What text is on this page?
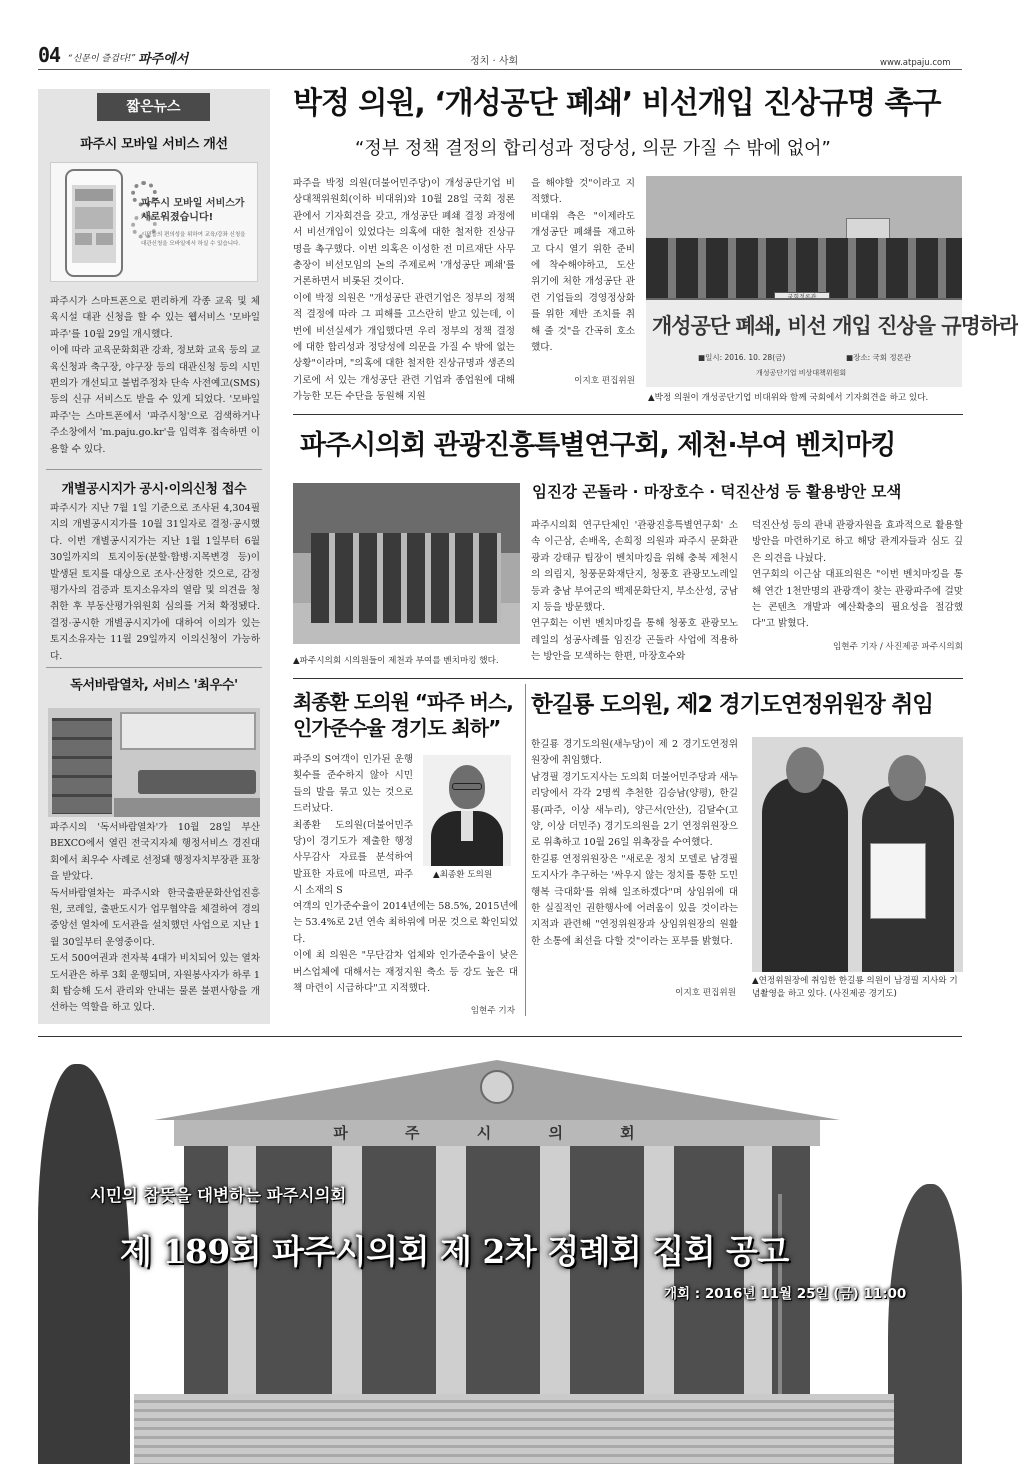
04 “신문이 즐겁다!” 파주에서	정치 · 사회	www.atpaju.com
짧은뉴스
파주시 모바일 서비스 개선
파주시 모바일 서비스가
새로워졌습니다!
시민들의 편의성을 위하여 교육/강좌 신청을
대관신청을 모바일에서 하실 수 있습니다.
파주시가 스마트폰으로 편리하게 각종 교육 및 체육시설 대관 신청을 할 수 있는 웹서비스 '모바일 파주'를 10월 29일 개시했다.
이에 따라 교육문화회관 강좌, 정보화 교육 등의 교육신청과 축구장, 야구장 등의 대관신청 등의 시민 편의가 개선되고 불법주정차 단속 사전예고(SMS) 등의 신규 서비스도 받을 수 있게 되었다. '모바일파주'는 스마트폰에서 '파주시청'으로 검색하거나 주소창에서 'm.paju.go.kr'을 입력후 접속하면 이용할 수 있다.
개별공시지가 공시·이의신청 접수
파주시가 지난 7월 1일 기준으로 조사된 4,304필지의 개별공시지가를 10월 31일자로 결정·공시했다. 이번 개별공시지가는 지난 1월 1일부터 6월 30일까지의 토지이동(분할·합병·지목변경 등)이 발생된 토지를 대상으로 조사·산정한 것으로, 감정평가사의 검증과 토지소유자의 열람 및 의견을 청취한 후 부동산평가위원회 심의를 거쳐 확정됐다. 결정·공시한 개별공시지가에 대하여 이의가 있는 토지소유자는 11월 29일까지 이의신청이 가능하다.
독서바람열차, 서비스 '최우수'
파주시의 '독서바람열차'가 10월 28일 부산 BEXCO에서 열린 전국지자체 행정서비스 경진대회에서 최우수 사례로 선정돼 행정자치부장관 표창을 받았다.
독서바람열차는 파주시와 한국출판문화산업진흥원, 코레일, 출판도시가 업무협약을 체결하여 경의중앙선 열차에 도서관을 설치했던 사업으로 지난 1월 30일부터 운영중이다.
도서 500여권과 전자북 4대가 비치되어 있는 열차도서관은 하루 3회 운행되며, 자원봉사자가 하루 1회 탑승해 도서 관리와 안내는 물론 불편사항을 개선하는 역할을 하고 있다.
박정 의원, ‘개성공단 폐쇄’ 비선개입 진상규명 촉구
“정부 정책 결정의 합리성과 정당성, 의문 가질 수 밖에 없어”
파주을 박정 의원(더불어민주당)이 개성공단기업 비상대책위원회(이하 비대위)와 10월 28일 국회 정론관에서 기자회견을 갖고, 개성공단 폐쇄 결정 과정에서 비선개입이 있었다는 의혹에 대한 철저한 진상규명을 촉구했다. 이번 의혹은 이성한 전 미르재단 사무총장이 비선모임의 논의 주제로써 '개성공단 폐쇄'를 거론하면서 비롯된 것이다.
이에 박정 의원은 "개성공단 관련기업은 정부의 정책적 결정에 따라 그 피해를 고스란히 받고 있는데, 이번에 비선실세가 개입했다면 우리 정부의 정책 결정에 대한 합리성과 정당성에 의문을 가질 수 밖에 없는 상황"이라며, "의혹에 대한 철저한 진상규명과 생존의 기로에 서 있는 개성공단 관련 기업과 종업원에 대해 가능한 모든 수단을 동원해 지원
을 해야할 것"이라고 지적했다.
비대위 측은 "이제라도 개성공단 폐쇄를 재고하고 다시 열기 위한 준비에 착수해야하고, 도산 위기에 처한 개성공단 관련 기업들의 경영정상화를 위한 제반 조치를 취해 줄 것"을 간곡히 호소했다.
이지호 편집위원
개성공단 폐쇄, 비선 개입 진상을 규명하라
■일시: 2016. 10. 28(금)	■장소: 국회 정론관
개성공단기업 비상대책위원회
▲박정 의원이 개성공단기업 비대위와 함께 국회에서 기자회견을 하고 있다.
파주시의회 관광진흥특별연구회, 제천·부여 벤치마킹
임진강 곤돌라 · 마장호수 · 덕진산성 등 활용방안 모색
▲파주시의회 시의원들이 제천과 부여를 벤치마킹 했다.
파주시의회 연구단체인 '관광진흥특별연구회' 소속 이근삼, 손배옥, 손희정 의원과 파주시 문화관광과 강태규 팀장이 벤치마킹을 위해 충북 제천시의 의림지, 청풍문화재단지, 청풍호 관광모노레일 등과 충남 부여군의 백제문화단지, 부소산성, 궁남지 등을 방문했다.
연구회는 이번 벤치마킹을 통해 청풍호 관광모노레일의 성공사례를 임진강 곤돌라 사업에 적용하는 방안을 모색하는 한편, 마장호수와
덕진산성 등의 관내 관광자원을 효과적으로 활용할 방안을 마련하기로 하고 해당 관계자들과 심도 깊은 의견을 나눴다.
연구회의 이근삼 대표의원은 "이번 벤치마킹을 통해 연간 1천만명의 관광객이 찾는 관광파주에 걸맞는 콘텐츠 개발과 예산확충의 필요성을 절감했다"고 밝혔다.
임현주 기자 / 사진제공 파주시의회
최종환 도의원 “파주 버스,
인가준수율 경기도 최하”
파주의 S여객이 인가된 운행 횟수를 준수하지 않아 시민들의 발을 묶고 있는 것으로 드러났다.
최종환 도의원(더불어민주당)이 경기도가 제출한 행정사무감사 자료를 분석하여 발표한 자료에 따르면, 파주시 소재의 S
▲최종환 도의원
여객의 인가준수율이 2014년에는 58.5%, 2015년에는 53.4%로 2년 연속 최하위에 머문 것으로 확인되었다.
이에 최 의원은 "무단감차 업체와 인가준수율이 낮은 버스업체에 대해서는 재정지원 축소 등 강도 높은 대책 마련이 시급하다"고 지적했다.
임현주 기자
한길룡 도의원, 제2 경기도연정위원장 취임
한길룡 경기도의원(새누당)이 제 2 경기도연정위원장에 취임했다.
남경필 경기도지사는 도의회 더불어민주당과 새누리당에서 각각 2명씩 추천한 김승남(양평), 한길룡(파주, 이상 새누리), 양근서(안산), 김달수(고양, 이상 더민주) 경기도의원을 2기 연정위원장으로 위촉하고 10월 26일 위촉장을 수여했다.
한길룡 연정위원장은 "새로운 정치 모델로 남경필 도지사가 추구하는 '싸우지 않는 정치를 통한 도민행복 극대화'를 위해 일조하겠다"며 상임위에 대한 실질적인 권한행사에 어려움이 있을 것이라는 지적과 관련해 "연정위원장과 상임위원장의 원활한 소통에 최선을 다할 것"이라는 포부를 밝혔다.
이지호 편집위원
▲연정위원장에 취임한 한길룡 의원이 남경필 지사와 기념촬영을 하고 있다. (사진제공 경기도)
파 주 시 의 회
시민의 참뜻을 대변하는 파주시의회
제 189회 파주시의회 제 2차 정례회 집회 공고
개회 : 2016년 11월 25일 (금) 11:00
